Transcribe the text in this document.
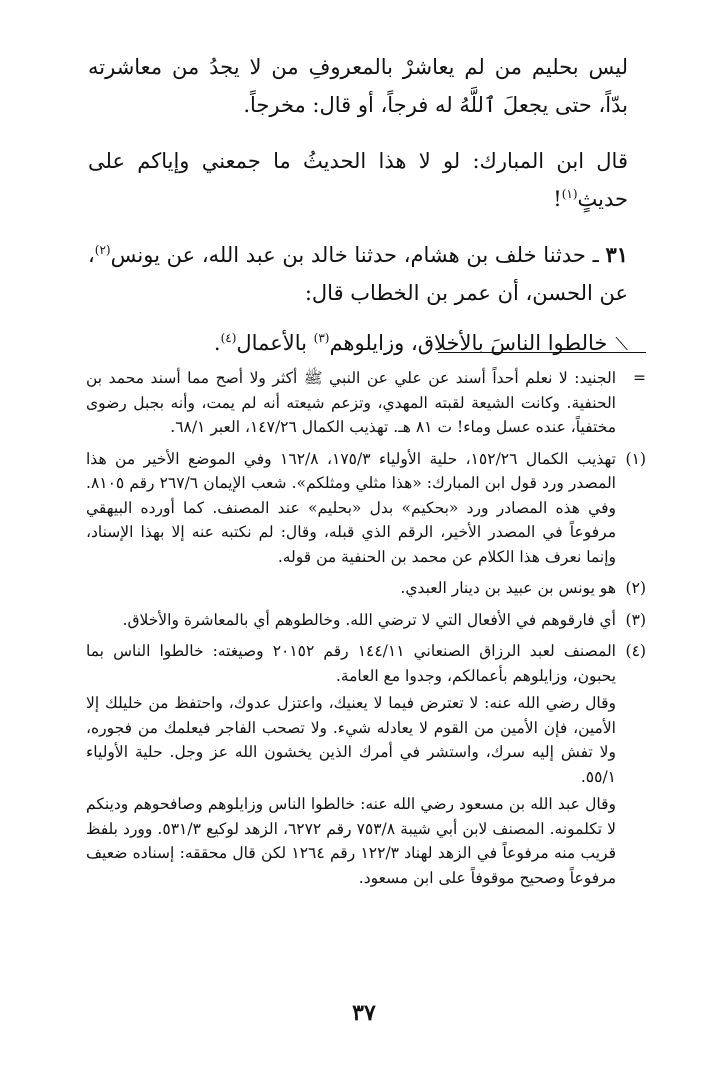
ليس بحليم من لم يعاشرْ بالمعروفِ من لا يجدُ من معاشرته بدّاً، حتى يجعلَ ٱللَّهُ له فرجاً، أو قال: مخرجاً.

قال ابن المبارك: لو لا هذا الحديثُ ما جمعني وإياكم على حديثٍ$^{(١)}$!

٣١ ـ حدثنا خلف بن هشام، حدثنا خالد بن عبد الله، عن يونس$^{(٢)}$، عن الحسن، أن عمر بن الخطاب قال:

⟋خالطوا الناسَ بالأخلاق، وزايلوهم$^{(٣)}$ بالأعمال$^{(٤)}$.

=

الجنيد: لا نعلم أحداً أسند عن علي عن النبي ﷺ أكثر ولا أصح مما أسند محمد بن الحنفية. وكانت الشيعة لقبته المهدي، وتزعم شيعته أنه لم يمت، وأنه بجبل رضوى مختفياً، عنده عسل وماء! ت ٨١ هـ. تهذيب الكمال ١٤٧/٢٦، العبر ٦٨/١.

(١)

تهذيب الكمال ١٥٢/٢٦، حلية الأولياء ١٧٥/٣، ١٦٢/٨ وفي الموضع الأخير من هذا المصدر ورد قول ابن المبارك: «هذا مثلي ومثلكم». شعب الإيمان ٢٦٧/٦ رقم ٨١٠٥. وفي هذه المصادر ورد «بحكيم» بدل «بحليم» عند المصنف. كما أورده البيهقي مرفوعاً في المصدر الأخير، الرقم الذي قبله، وقال: لم نكتبه عنه إلا بهذا الإسناد، وإنما نعرف هذا الكلام عن محمد بن الحنفية من قوله.

(٢)

هو يونس بن عبيد بن دينار العبدي.

(٣)

أي فارقوهم في الأفعال التي لا ترضي الله. وخالطوهم أي بالمعاشرة والأخلاق.

(٤)

المصنف لعبد الرزاق الصنعاني ١٤٤/١١ رقم ٢٠١٥٢ وصيغته: خالطوا الناس بما يحبون، وزايلوهم بأعمالكم، وجدوا مع العامة.

وقال رضي الله عنه: لا تعترض فيما لا يعنيك، واعتزل عدوك، واحتفظ من خليلك إلا الأمين، فإن الأمين من القوم لا يعادله شيء. ولا تصحب الفاجر فيعلمك من فجوره، ولا تفش إليه سرك، واستشر في أمرك الذين يخشون الله عز وجل. حلية الأولياء ٥٥/١.

وقال عبد الله بن مسعود رضي الله عنه: خالطوا الناس وزايلوهم وصافحوهم ودينكم لا تكلمونه. المصنف لابن أبي شيبة ٧٥٣/٨ رقم ٦٢٧٢، الزهد لوكيع ٥٣١/٣. وورد بلفظ قريب منه مرفوعاً في الزهد لهناد ١٢٢/٣ رقم ١٢٦٤ لكن قال محققه: إسناده ضعيف مرفوعاً وصحيح موقوفاً على ابن مسعود.

٣٧
